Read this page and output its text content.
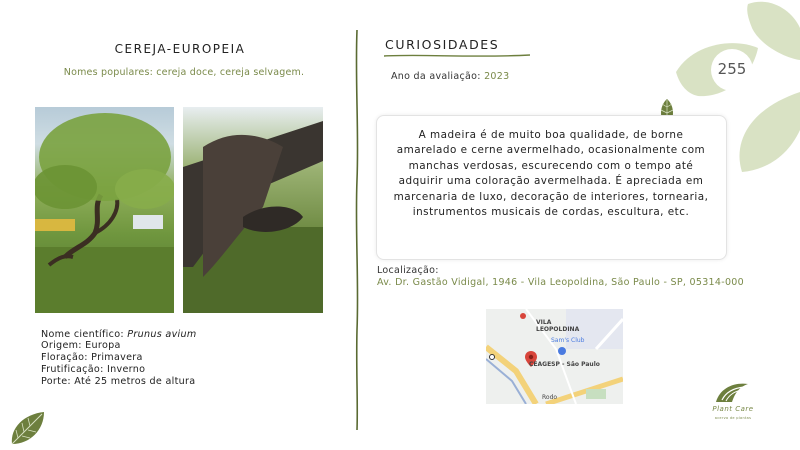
255
CEREJA-EUROPEIA
Nomes populares: cereja doce, cereja selvagem.
Nome científico: Prunus avium
Origem: Europa
Floração: Primavera
Frutificação: Inverno
Porte: Até 25 metros de altura
CURIOSIDADES
Ano da avaliação: 2023
A madeira é de muito boa qualidade, de borne amarelado e cerne avermelhado, ocasionalmente com manchas verdosas, escurecendo com o tempo até adquirir uma coloração avermelhada. É apreciada em marcenaria de luxo, decoração de interiores, tornearia, instrumentos musicais de cordas, escultura, etc.
Localização:
Av. Dr. Gastão Vidigal, 1946 - Vila Leopoldina, São Paulo - SP, 05314-000
VILA
LEOPOLDINA
Sam's Club
CEAGESP - São Paulo
Rodo
Plant Care
acervo de plantas
